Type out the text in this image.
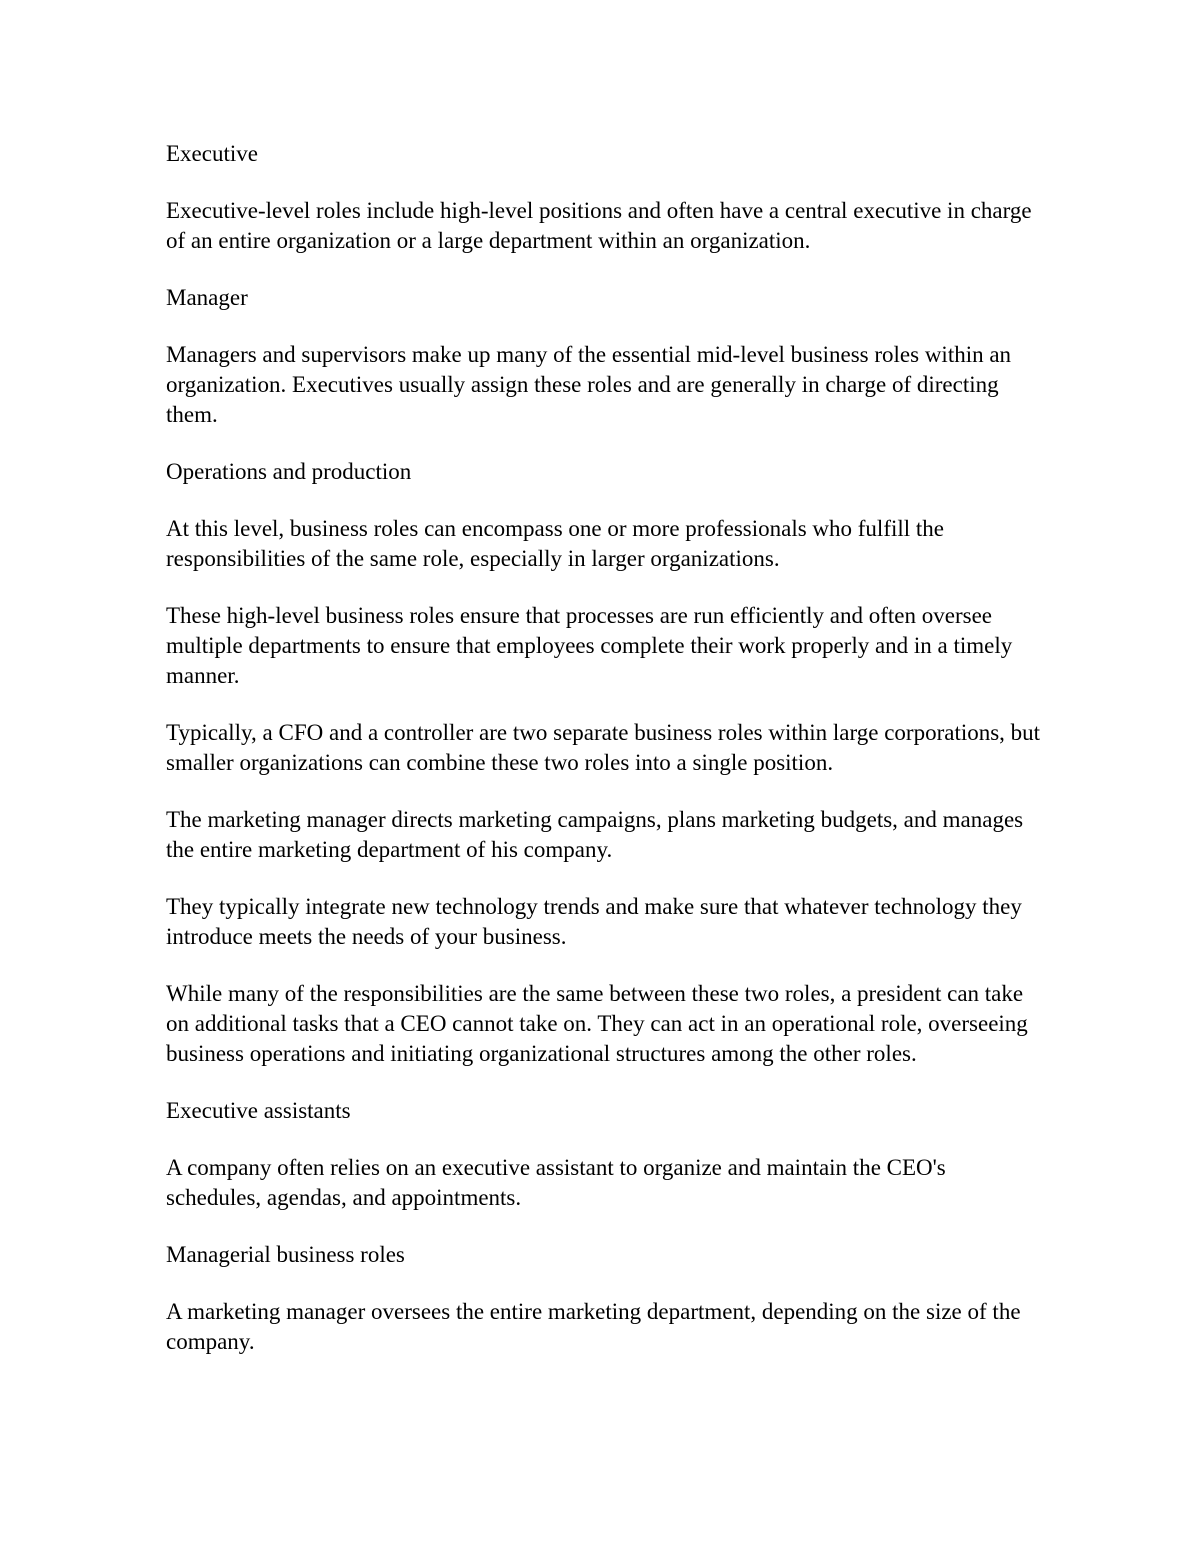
Executive

Executive-level roles include high-level positions and often have a central executive in charge of an entire organization or a large department within an organization.

Manager

Managers and supervisors make up many of the essential mid-level business roles within an organization. Executives usually assign these roles and are generally in charge of directing them.

Operations and production

At this level, business roles can encompass one or more professionals who fulfill the responsibilities of the same role, especially in larger organizations.

These high-level business roles ensure that processes are run efficiently and often oversee multiple departments to ensure that employees complete their work properly and in a timely manner.

Typically, a CFO and a controller are two separate business roles within large corporations, but smaller organizations can combine these two roles into a single position.

The marketing manager directs marketing campaigns, plans marketing budgets, and manages the entire marketing department of his company.

They typically integrate new technology trends and make sure that whatever technology they introduce meets the needs of your business.

While many of the responsibilities are the same between these two roles, a president can take on additional tasks that a CEO cannot take on. They can act in an operational role, overseeing business operations and initiating organizational structures among the other roles.

Executive assistants

A company often relies on an executive assistant to organize and maintain the CEO's schedules, agendas, and appointments.

Managerial business roles

A marketing manager oversees the entire marketing department, depending on the size of the company.
